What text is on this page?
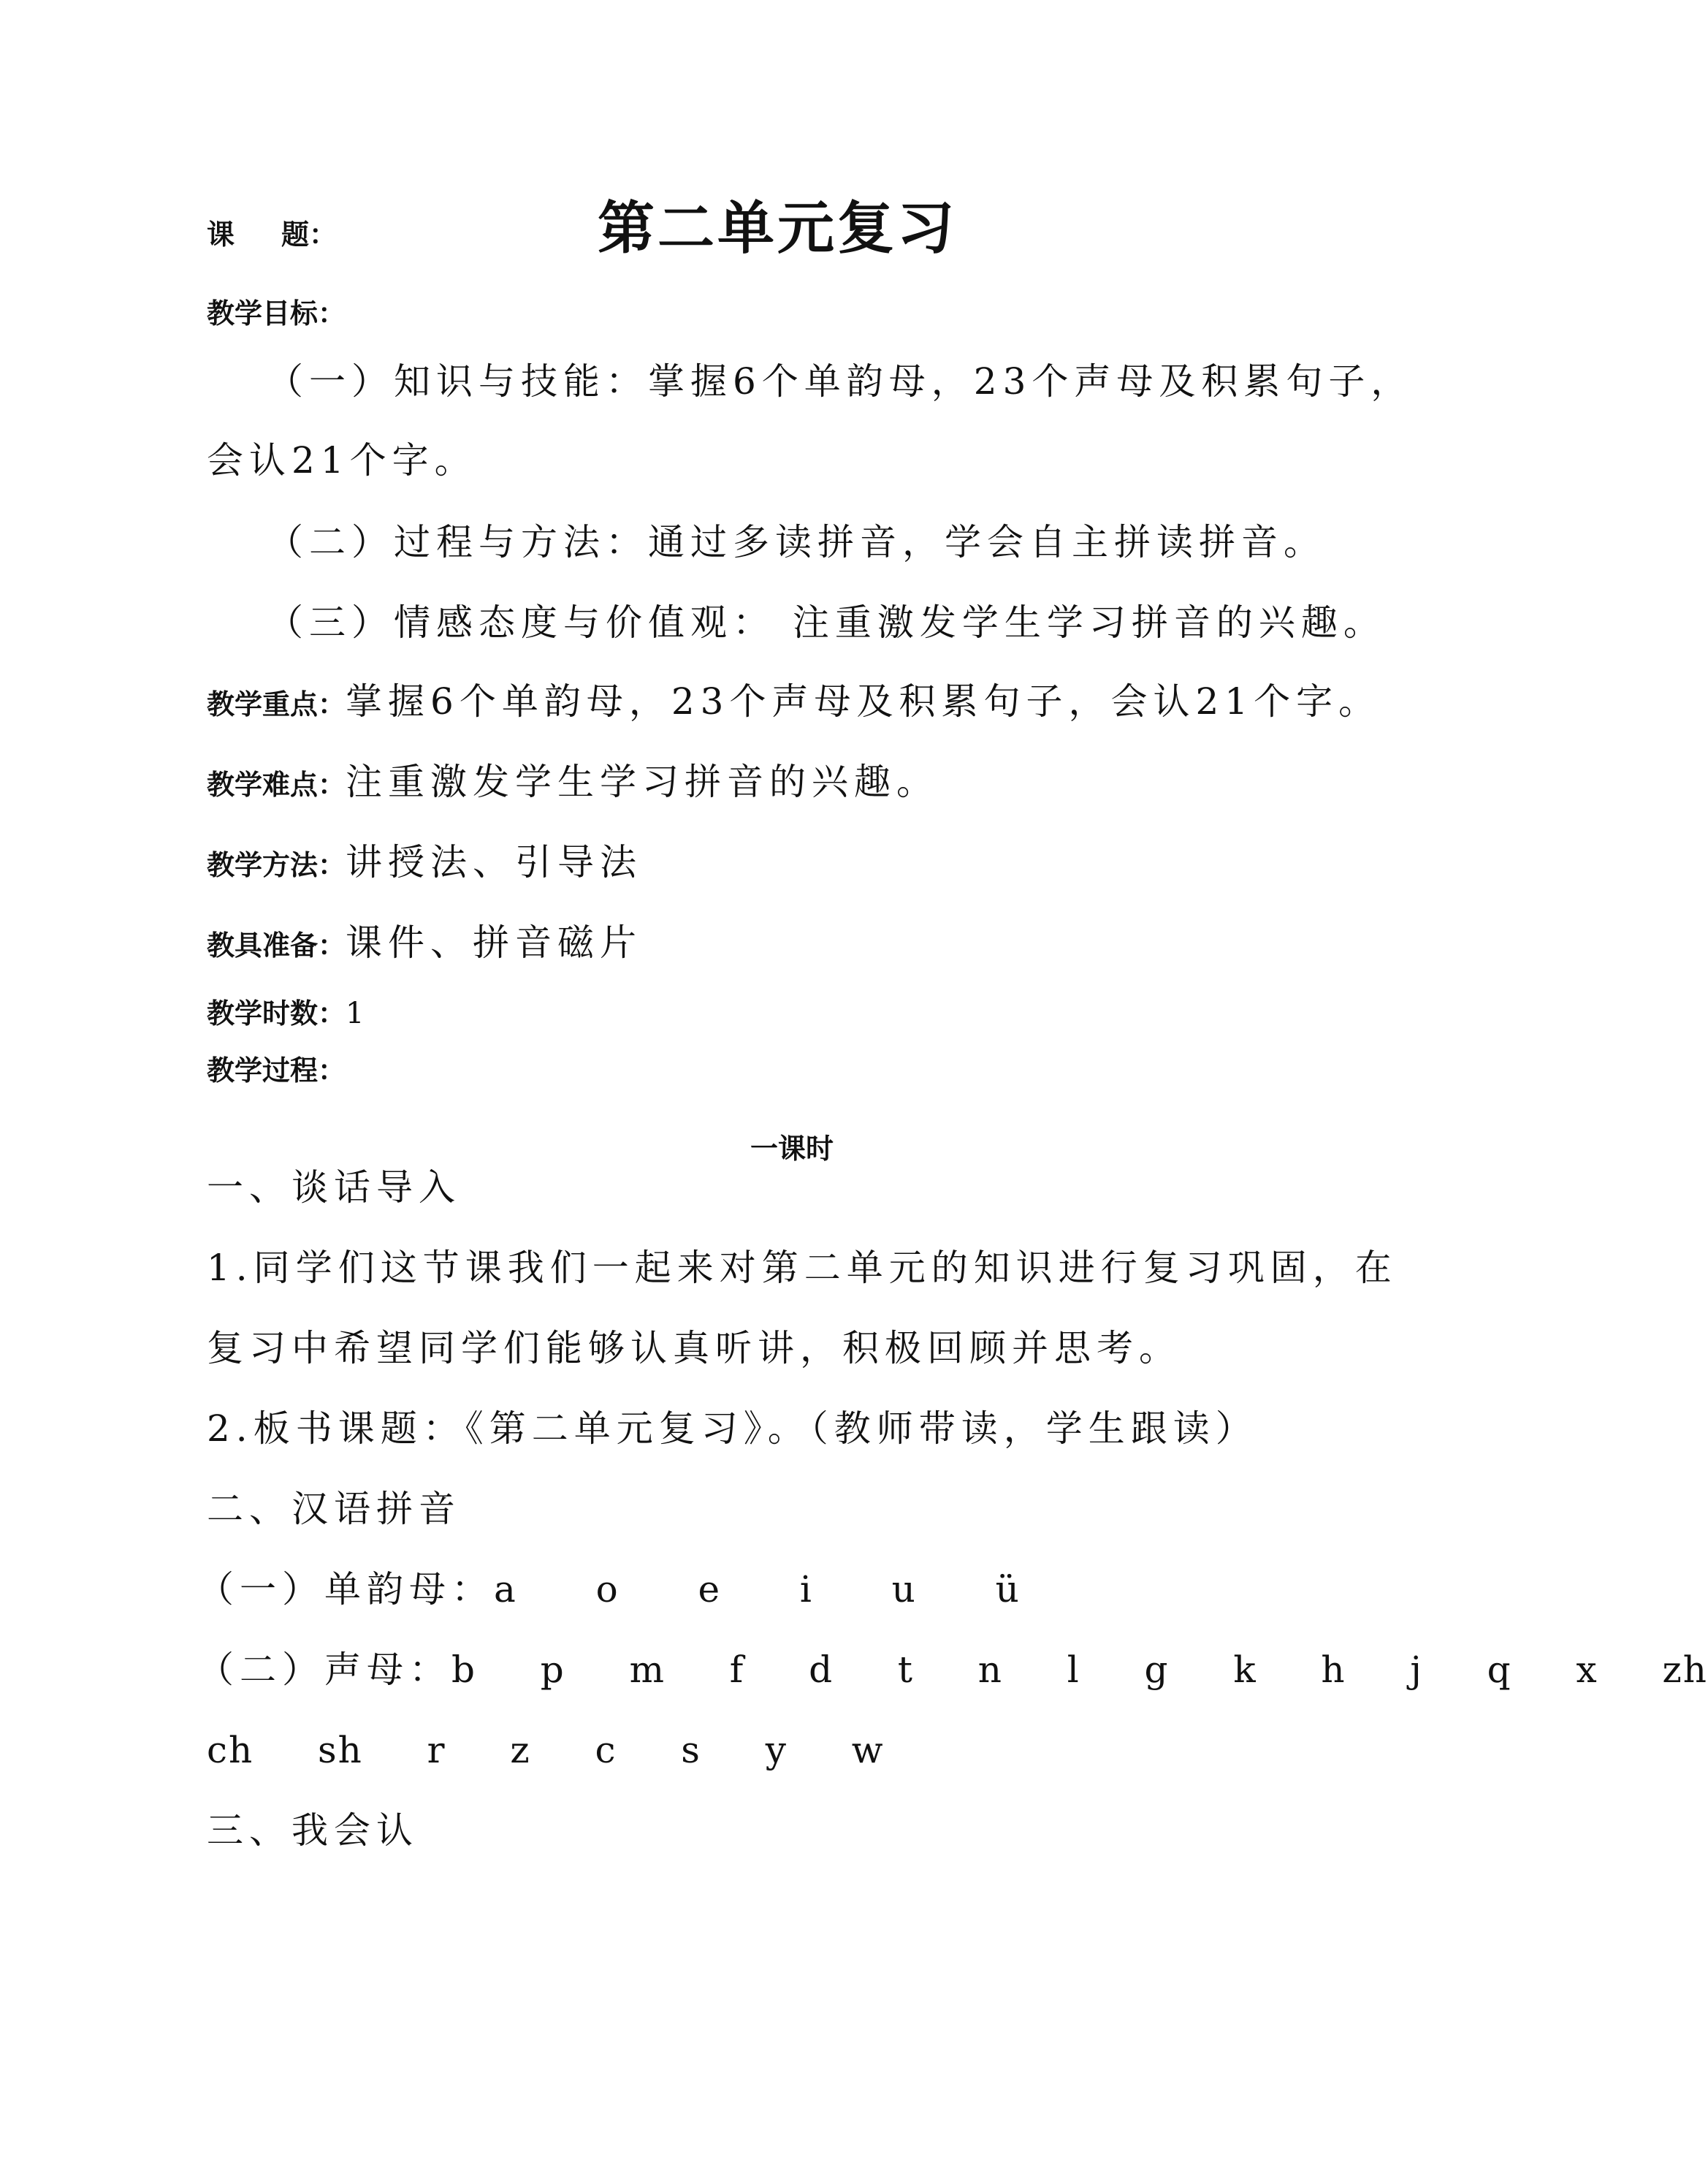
课 题：	第二单元复习
教学目标：
（一）知识与技能：掌握6个单韵母，23个声母及积累句子，
会认21个字。
（二）过程与方法：通过多读拼音，学会自主拼读拼音。
（三）情感态度与价值观： 注重激发学生学习拼音的兴趣。
教学重点：掌握6个单韵母，23个声母及积累句子，会认21个字。
教学难点：注重激发学生学习拼音的兴趣。
教学方法：讲授法、引导法
教具准备：课件、拼音磁片
教学时数：1
教学过程：
一课时
一、谈话导入
1.同学们这节课我们一起来对第二单元的知识进行复习巩固，在
复习中希望同学们能够认真听讲，积极回顾并思考。
2.板书课题：《第二单元复习》。（教师带读，学生跟读）
二、汉语拼音
（一）单韵母：a  o  e  i  u  ü
（二）声母：b  p  m  f  d  t  n  l  g  k  h  j  q  x  zh
ch  sh  r  z  c  s  y  w
三、我会认
